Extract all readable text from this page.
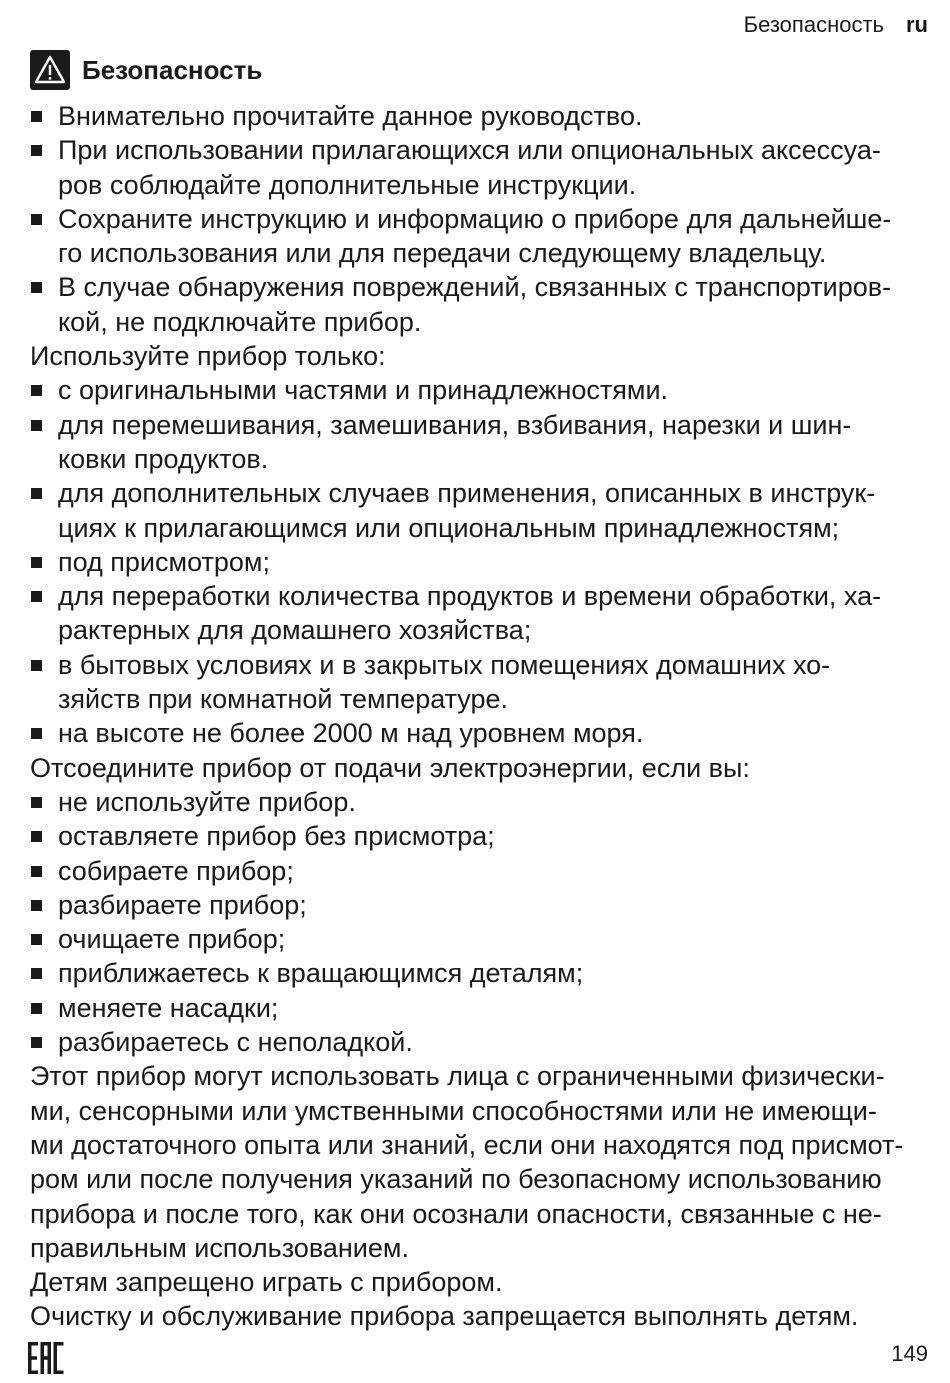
Безопасность ru
Безопасность
Внимательно прочитайте данное руководство.
При использовании прилагающихся или опциональных аксессуа-
ров соблюдайте дополнительные инструкции.
Сохраните инструкцию и информацию о приборе для дальнейше-
го использования или для передачи следующему владельцу.
В случае обнаружения повреждений, связанных с транспортиров-
кой, не подключайте прибор.
Используйте прибор только:
с оригинальными частями и принадлежностями.
для перемешивания, замешивания, взбивания, нарезки и шин-
ковки продуктов.
для дополнительных случаев применения, описанных в инструк-
циях к прилагающимся или опциональным принадлежностям;
под присмотром;
для переработки количества продуктов и времени обработки, ха-
рактерных для домашнего хозяйства;
в бытовых условиях и в закрытых помещениях домашних хо-
зяйств при комнатной температуре.
на высоте не более 2000 м над уровнем моря.
Отсоедините прибор от подачи электроэнергии, если вы:
не используйте прибор.
оставляете прибор без присмотра;
собираете прибор;
разбираете прибор;
очищаете прибор;
приближаетесь к вращающимся деталям;
меняете насадки;
разбираетесь с неполадкой.
Этот прибор могут использовать лица с ограниченными физически-
ми, сенсорными или умственными способностями или не имеющи-
ми достаточного опыта или знаний, если они находятся под присмот-
ром или после получения указаний по безопасному использованию
прибора и после того, как они осознали опасности, связанные с не-
правильным использованием.
Детям запрещено играть с прибором.
Очистку и обслуживание прибора запрещается выполнять детям.
149
